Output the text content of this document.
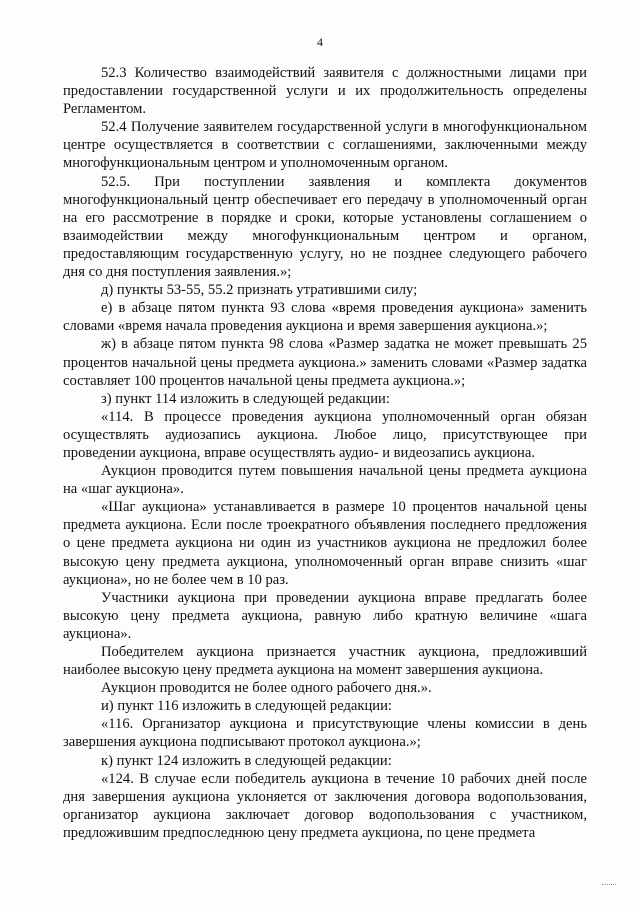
4

52.3 Количество взаимодействий заявителя с должностными лицами при предоставлении государственной услуги и их продолжительность определены Регламентом.

52.4 Получение заявителем государственной услуги в многофункциональном центре осуществляется в соответствии с соглашениями, заключенными между многофункциональным центром и уполномоченным органом.

52.5. При поступлении заявления и комплекта документов многофункциональный центр обеспечивает его передачу в уполномоченный орган на его рассмотрение в порядке и сроки, которые установлены соглашением о взаимодействии между многофункциональным центром и органом, предоставляющим государственную услугу, но не позднее следующего рабочего дня со дня поступления заявления.»;

д) пункты 53-55, 55.2 признать утратившими силу;

е) в абзаце пятом пункта 93 слова «время проведения аукциона» заменить словами «время начала проведения аукциона и время завершения аукциона.»;

ж) в абзаце пятом пункта 98 слова «Размер задатка не может превышать 25 процентов начальной цены предмета аукциона.» заменить словами «Размер задатка составляет 100 процентов начальной цены предмета аукциона.»;

з) пункт 114 изложить в следующей редакции:

«114. В процессе проведения аукциона уполномоченный орган обязан осуществлять аудиозапись аукциона. Любое лицо, присутствующее при проведении аукциона, вправе осуществлять аудио- и видеозапись аукциона.

Аукцион проводится путем повышения начальной цены предмета аукциона на «шаг аукциона».

«Шаг аукциона» устанавливается в размере 10 процентов начальной цены предмета аукциона. Если после троекратного объявления последнего предложения о цене предмета аукциона ни один из участников аукциона не предложил более высокую цену предмета аукциона, уполномоченный орган вправе снизить «шаг аукциона», но не более чем в 10 раз.

Участники аукциона при проведении аукциона вправе предлагать более высокую цену предмета аукциона, равную либо кратную величине «шага аукциона».

Победителем аукциона признается участник аукциона, предложивший наиболее высокую цену предмета аукциона на момент завершения аукциона.

Аукцион проводится не более одного рабочего дня.».

и) пункт 116 изложить в следующей редакции:

«116. Организатор аукциона и присутствующие члены комиссии в день завершения аукциона подписывают протокол аукциона.»;

к) пункт 124 изложить в следующей редакции:

«124. В случае если победитель аукциона в течение 10 рабочих дней после дня завершения аукциона уклоняется от заключения договора водопользования, организатор аукциона заключает договор водопользования с участником, предложившим предпоследнюю цену предмета аукциона, по цене предмета
